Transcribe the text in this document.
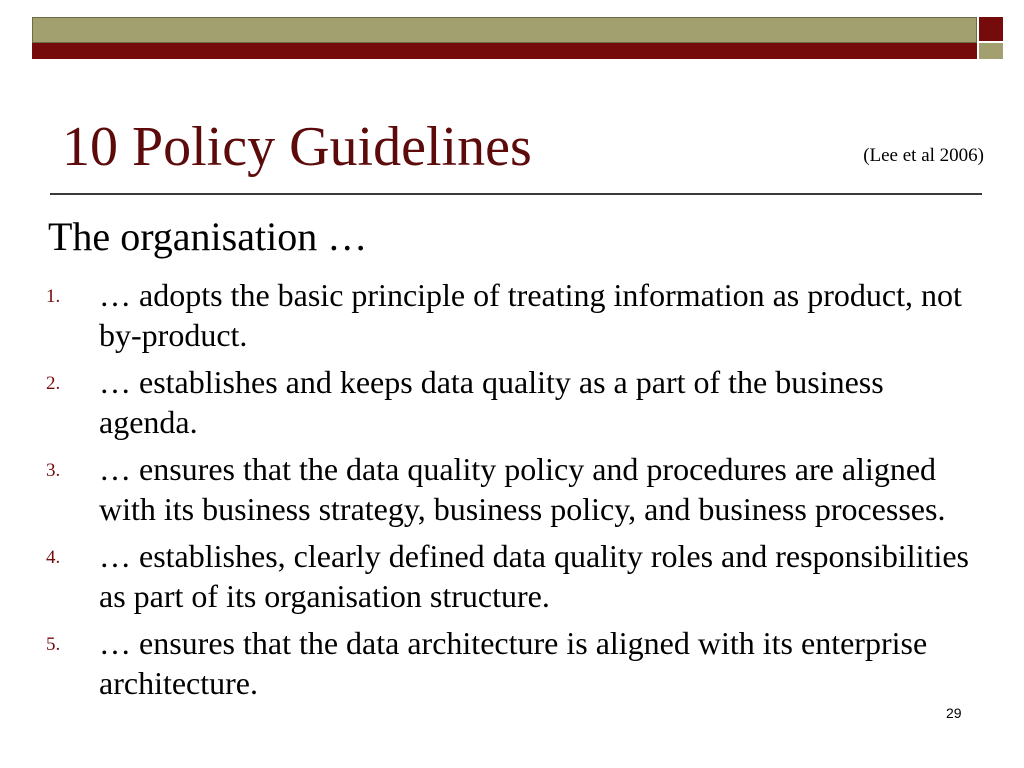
10 Policy Guidelines	(Lee et al 2006)
The organisation …
1. … adopts the basic principle of treating information as product, not by-product.
2. … establishes and keeps data quality as a part of the business agenda.
3. … ensures that the data quality policy and procedures are aligned with its business strategy, business policy, and business processes.
4. … establishes, clearly defined data quality roles and responsibilities as part of its organisation structure.
5. … ensures that the data architecture is aligned with its enterprise architecture.
29
